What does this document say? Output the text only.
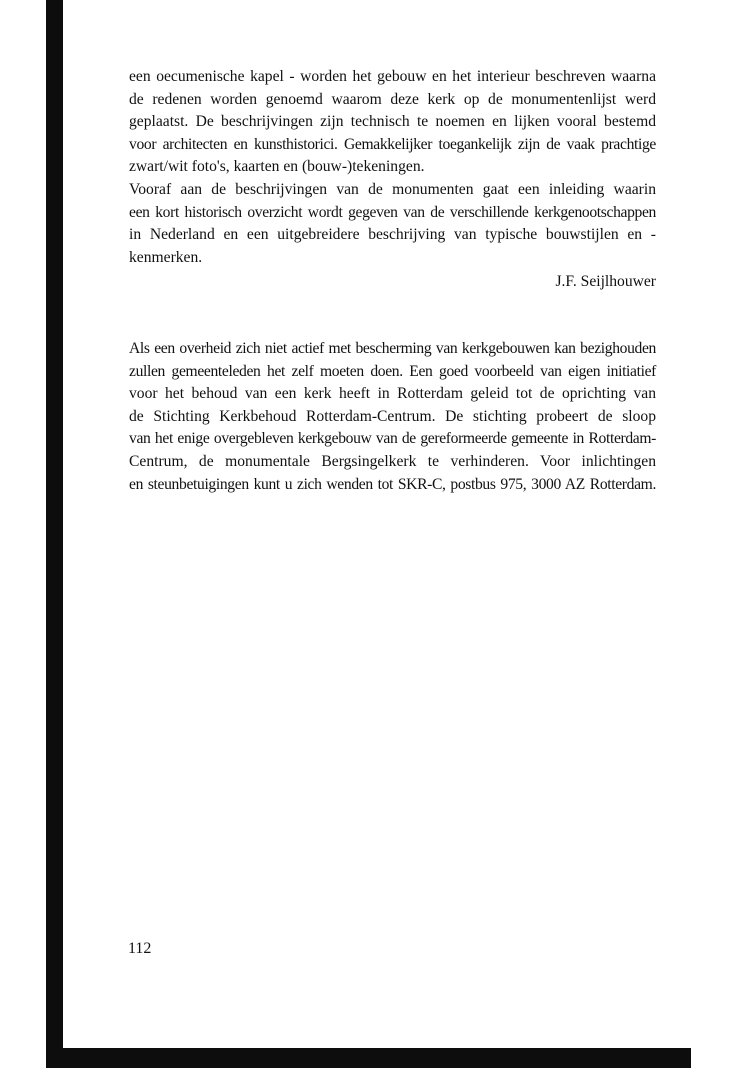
een oecumenische kapel - worden het gebouw en het interieur beschreven waarna
de redenen worden genoemd waarom deze kerk op de monumentenlijst werd
geplaatst. De beschrijvingen zijn technisch te noemen en lijken vooral bestemd
voor architecten en kunsthistorici. Gemakkelijker toegankelijk zijn de vaak prachtige
zwart/wit foto's, kaarten en (bouw-)tekeningen.

Vooraf aan de beschrijvingen van de monumenten gaat een inleiding waarin
een kort historisch overzicht wordt gegeven van de verschillende kerkgenootschappen
in Nederland en een uitgebreidere beschrijving van typische bouwstijlen en -
kenmerken.

J.F. Seijlhouwer

Als een overheid zich niet actief met bescherming van kerkgebouwen kan bezighouden
zullen gemeenteleden het zelf moeten doen. Een goed voorbeeld van eigen initiatief
voor het behoud van een kerk heeft in Rotterdam geleid tot de oprichting van
de Stichting Kerkbehoud Rotterdam-Centrum. De stichting probeert de sloop
van het enige overgebleven kerkgebouw van de gereformeerde gemeente in Rotterdam-
Centrum, de monumentale Bergsingelkerk te verhinderen. Voor inlichtingen
en steunbetuigingen kunt u zich wenden tot SKR-C, postbus 975, 3000 AZ Rotterdam.

112
